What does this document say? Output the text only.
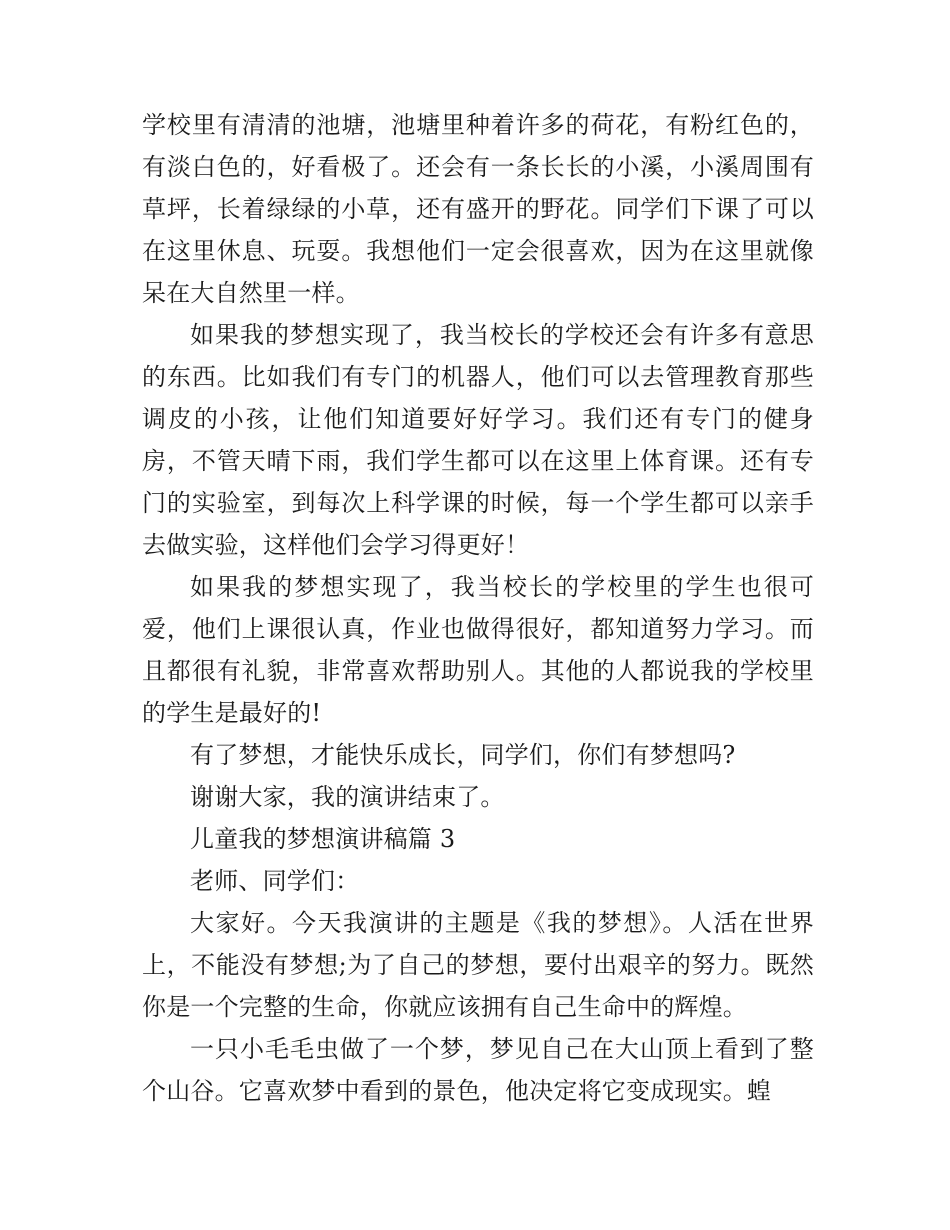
学校里有清清的池塘，池塘里种着许多的荷花，有粉红色的，有淡白色的，好看极了。还会有一条长长的小溪，小溪周围有草坪，长着绿绿的小草，还有盛开的野花。同学们下课了可以在这里休息、玩耍。我想他们一定会很喜欢，因为在这里就像呆在大自然里一样。

如果我的梦想实现了，我当校长的学校还会有许多有意思的东西。比如我们有专门的机器人，他们可以去管理教育那些调皮的小孩，让他们知道要好好学习。我们还有专门的健身房，不管天晴下雨，我们学生都可以在这里上体育课。还有专门的实验室，到每次上科学课的时候，每一个学生都可以亲手去做实验，这样他们会学习得更好！

如果我的梦想实现了，我当校长的学校里的学生也很可爱，他们上课很认真，作业也做得很好，都知道努力学习。而且都很有礼貌，非常喜欢帮助别人。其他的人都说我的学校里的学生是最好的!

有了梦想，才能快乐成长，同学们，你们有梦想吗?

谢谢大家，我的演讲结束了。

儿童我的梦想演讲稿篇 3

老师、同学们：

大家好。今天我演讲的主题是《我的梦想》。人活在世界上，不能没有梦想;为了自己的梦想，要付出艰辛的努力。既然你是一个完整的生命，你就应该拥有自己生命中的辉煌。

一只小毛毛虫做了一个梦，梦见自己在大山顶上看到了整个山谷。它喜欢梦中看到的景色，他决定将它变成现实。蝗
